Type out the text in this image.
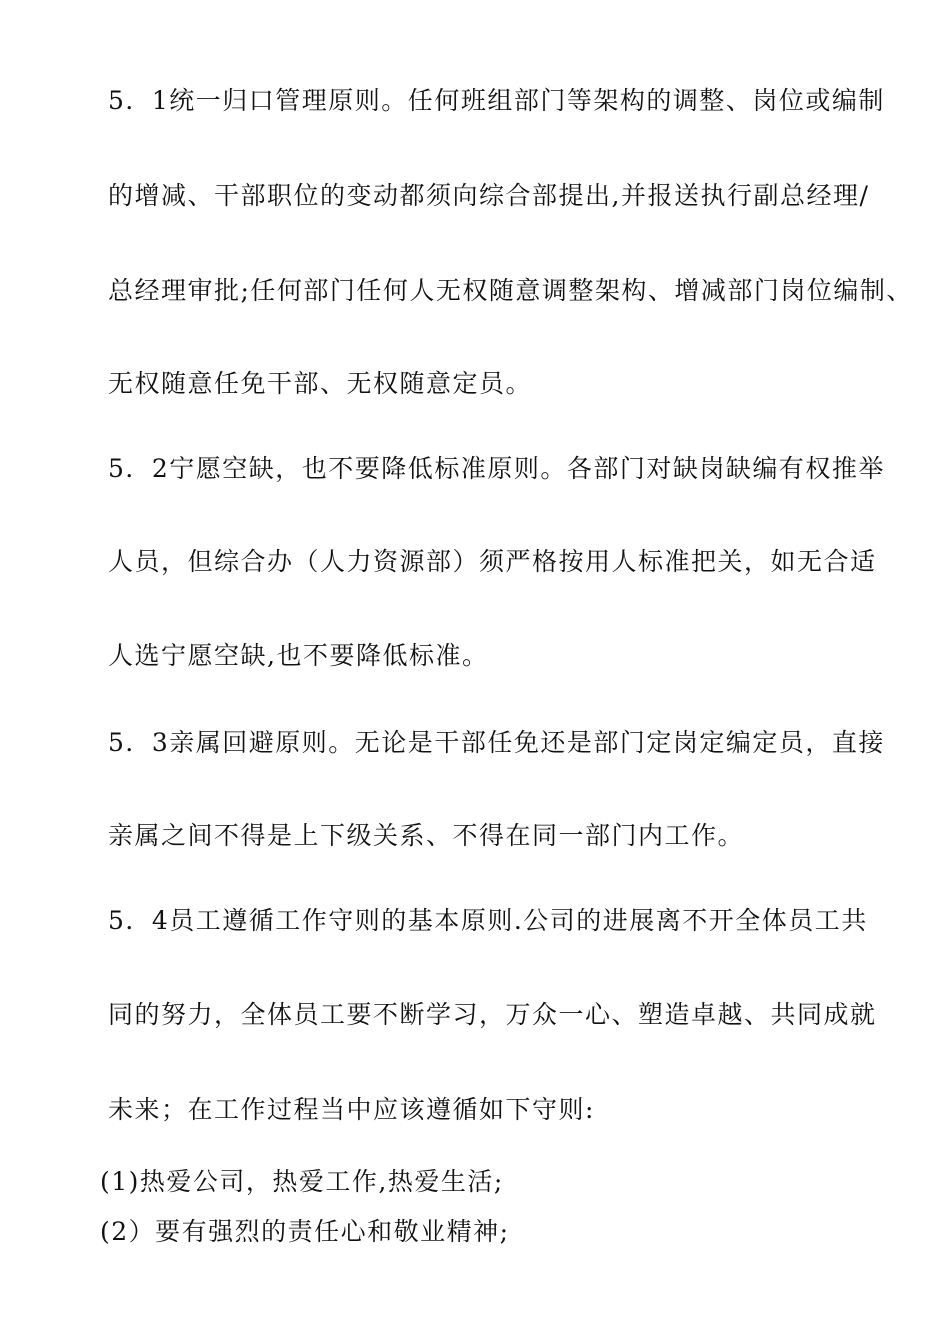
5．1统一归口管理原则。任何班组部门等架构的调整、岗位或编制
的增减、干部职位的变动都须向综合部提出,并报送执行副总经理/
总经理审批;任何部门任何人无权随意调整架构、增减部门岗位编制、
无权随意任免干部、无权随意定员。
5．2宁愿空缺，也不要降低标准原则。各部门对缺岗缺编有权推举
人员，但综合办（人力资源部）须严格按用人标准把关，如无合适
人选宁愿空缺,也不要降低标准。
5．3亲属回避原则。无论是干部任免还是部门定岗定编定员，直接
亲属之间不得是上下级关系、不得在同一部门内工作。
5．4员工遵循工作守则的基本原则.公司的进展离不开全体员工共
同的努力，全体员工要不断学习，万众一心、塑造卓越、共同成就
未来；在工作过程当中应该遵循如下守则:
(1)热爱公司，热爱工作,热爱生活;
(2）要有强烈的责任心和敬业精神;
